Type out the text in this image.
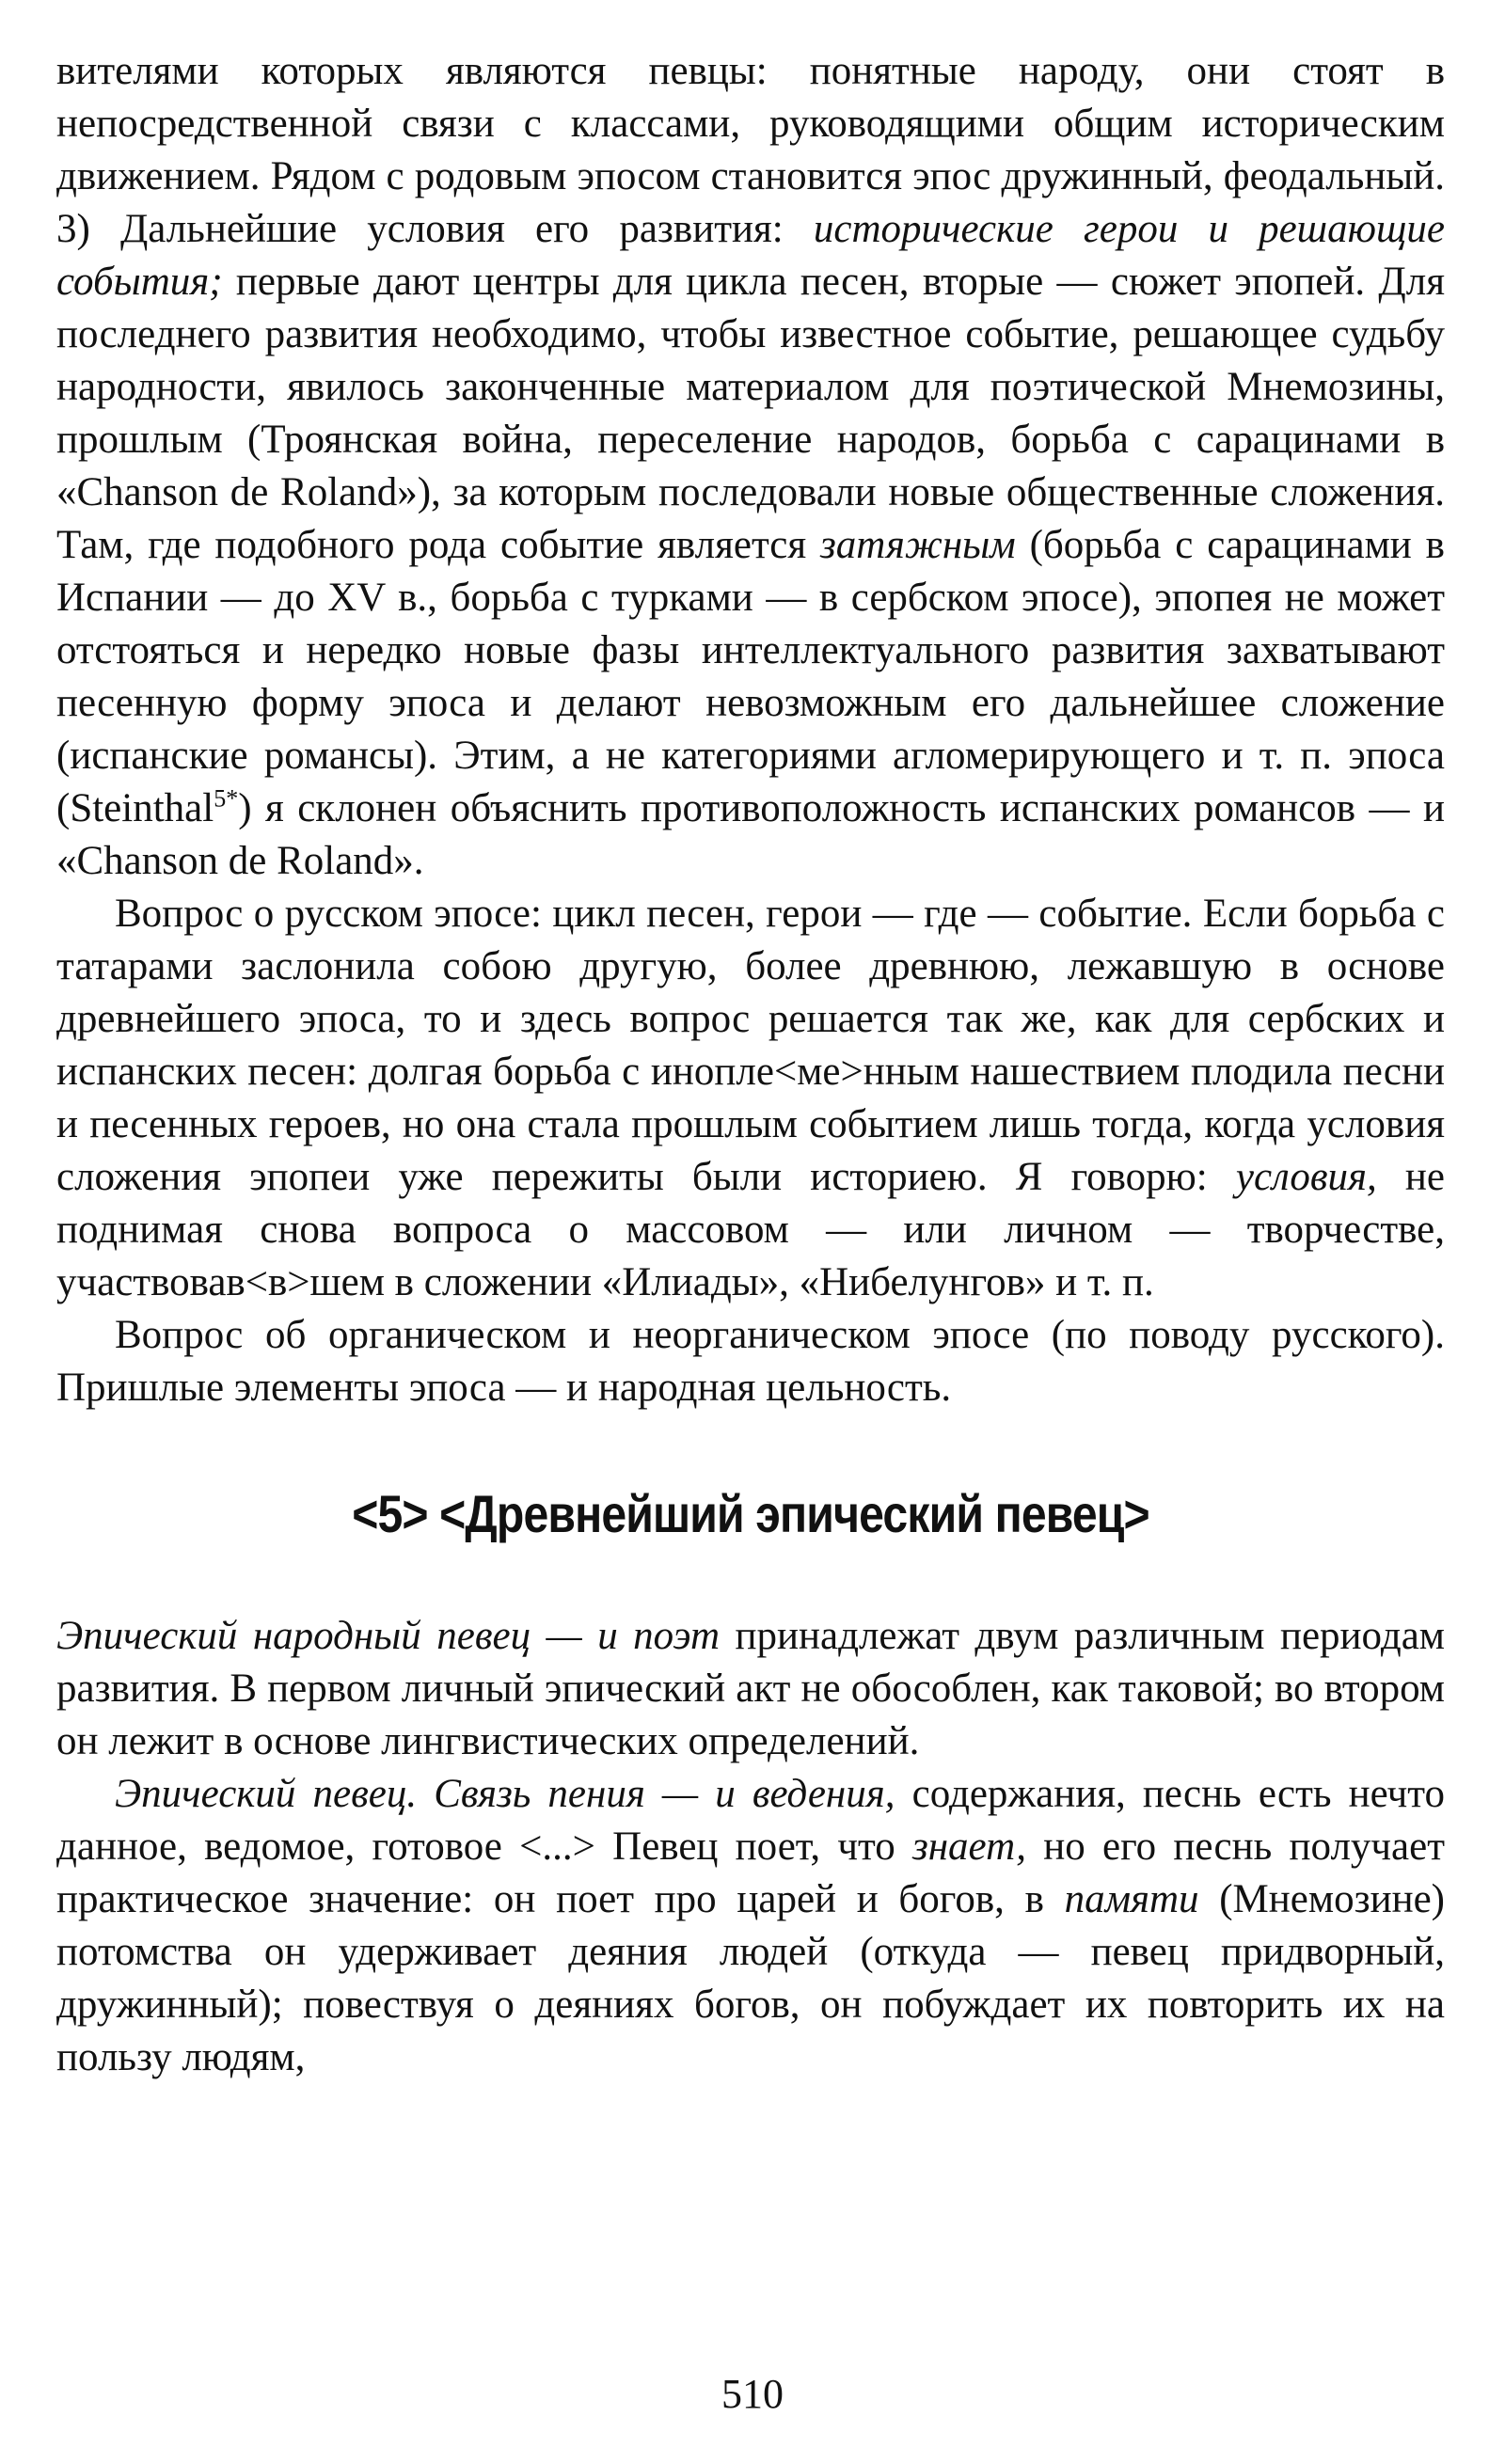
вителями которых являются певцы: понятные народу, они стоят в непосредственной связи с классами, руководящими общим историческим движением. Рядом с родовым эпосом становится эпос дружинный, феодальный. 3) Дальнейшие условия его развития: исторические герои и решающие события; первые дают центры для цикла песен, вторые — сюжет эпопей. Для последнего развития необходимо, чтобы известное событие, решающее судьбу народности, явилось законченные материалом для поэтической Мнемозины, прошлым (Троянская война, переселение народов, борьба с сарацинами в «Chanson de Roland»), за которым последовали новые общественные сложения. Там, где подобного рода событие является затяжным (борьба с сарацинами в Испании — до XV в., борьба с турками — в сербском эпосе), эпопея не может отстояться и нередко новые фазы интеллектуального развития захватывают песенную форму эпоса и делают невозможным его дальнейшее сложение (испанские романсы). Этим, а не категориями агломерирующего и т. п. эпоса (Steinthal$^{5*}$) я склонен объяснить противоположность испанских романсов — и «Chanson de Roland».

Вопрос о русском эпосе: цикл песен, герои — где — событие. Если борьба с татарами заслонила собою другую, более древнюю, лежавшую в основе древнейшего эпоса, то и здесь вопрос решается так же, как для сербских и испанских песен: долгая борьба с иноплe<ме>нным нашествием плодила песни и песенных героев, но она стала прошлым событием лишь тогда, когда условия сложения эпопеи уже пережиты были историею. Я говорю: условия, не поднимая снова вопроса о массовом — или личном — творчестве, участвовав<в>шем в сложении «Илиады», «Нибелунгов» и т. п.

Вопрос об органическом и неорганическом эпосе (по поводу русского). Пришлые элементы эпоса — и народная цельность.

<5> <Древнейший эпический певец>

Эпический народный певец — и поэт принадлежат двум различным периодам развития. В первом личный эпический акт не обособлен, как таковой; во втором он лежит в основе лингвистических определений.

Эпический певец. Связь пения — и ведения, содержания, песнь есть нечто данное, ведомое, готовое <...> Певец поет, что знает, но его песнь получает практическое значение: он поет про царей и богов, в памяти (Мнемозине) потомства он удерживает деяния людей (откуда — певец придворный, дружинный); повествуя о деяниях богов, он побуждает их повторить их на пользу людям,

510
